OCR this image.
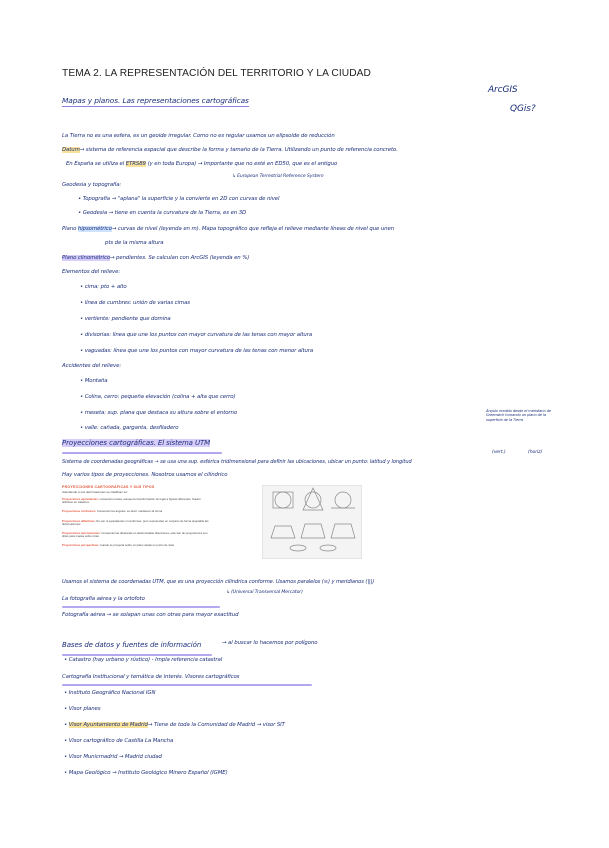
TEMA 2. LA REPRESENTACIÓN DEL TERRITORIO Y LA CIUDAD
ArcGIS
QGis?
Mapas y planos. Las representaciones cartográficas
La Tierra no es una esfera, es un geoide irregular. Como no es regular usamos un elipsoide de reducción
Datum→ sistema de referencia espacial que describe la forma y tamaño de la Tierra. Utilizando un punto de referencia concreto.
En España se utiliza el ETRS89 (y en toda Europa) → Importante que no esté en ED50, que es el antiguo
↳ European Terrestrial Reference System
Geodesia y topografía:
• Topografía → "aplana" la superficie y la convierte en 2D con curvas de nivel
• Geodesia → tiene en cuenta la curvatura de la Tierra, es en 3D
Plano hipsométrico→ curvas de nivel (leyenda en m). Mapa topográfico que refleja el relieve mediante líneas de nivel que unen
pts de la misma altura
Plano clinométrico→ pendientes. Se calculan con ArcGIS (leyenda en %)
Elementos del relieve:
• cima: pto + alto
• línea de cumbres: unión de varias cimas
• vertiente: pendiente que domina
• divisorias: línea que une los puntos con mayor curvatura de las tenas con mayor altura
• vaguadas: línea que une los puntos con mayor curvatura de las tenas con menor altura
Accidentes del relieve:
• Montaña
• Colina, cerro: pequeña elevación (colina + alta que cerro)
• meseta: sup. plana que destaca su altura sobre el entorno
• valle: cañada, garganta, desfiladero
Ángulo medido desde el meridiano de Greenwich tomando un plano de la superficie de la Tierra
(vert.)	(horiz)
Proyecciones cartográficas. El sistema UTM
Sistema de coordenadas geográficas → se usa una sup. esférica tridimensional para definir las ubicaciones, ubicar un punto: latitud y longitud
Hay varios tipos de proyecciones. Nosotros usamos el cilíndrico
PROYECCIONES CARTOGRÁFICAS Y SUS TIPOS
Atendiendo a sus deformaciones se clasifican en:
Proyecciones equivalentes: conservan el área, aunque la transformación de lugar a figuras diferentes. Suelen utilizarse en catastros
Proyecciones conformes: Conservan los ángulos, es decir, mantienen la forma
Proyecciones afilácticas: No son ni equivalentes ni conformes, pero representan en conjunto de forma aceptable las deformaciones
Proyecciones automecoicas: Conservan las distancias en determinadas direcciones; este tipo de proyecciones son útiles para mapas sobre rutas
Proyecciones perspectivas: cuando se proyecta sobre un plano desde un punto de vista
Usamos el sistema de coordenadas UTM, que es una proyección cilíndrica conforme. Usamos paralelos (≡) y meridianos (|||)
↳ (Universal Transversal Mercator)
La fotografía aérea y la ortofoto
Fotografía aérea → se solapan unas con otras para mayor exactitud
Bases de datos y fuentes de información	→ al buscar lo hacemos por polígono
• Catastro (hay urbano y rústico) - Impla referencia catastral
Cartografía Institucional y temática de interés. Visores cartográficos
• Instituto Geográfico Nacional IGN
• Visor planes
• Visor Ayuntamiento de Madrid→ Tiene de toda la Comunidad de Madrid → visor SIT
• Visor cartográfico de Castilla La Mancha
• Visor Municmadrid → Madrid ciudad
• Mapa Geológico → Instituto Geológico Minero Español (IGME)
